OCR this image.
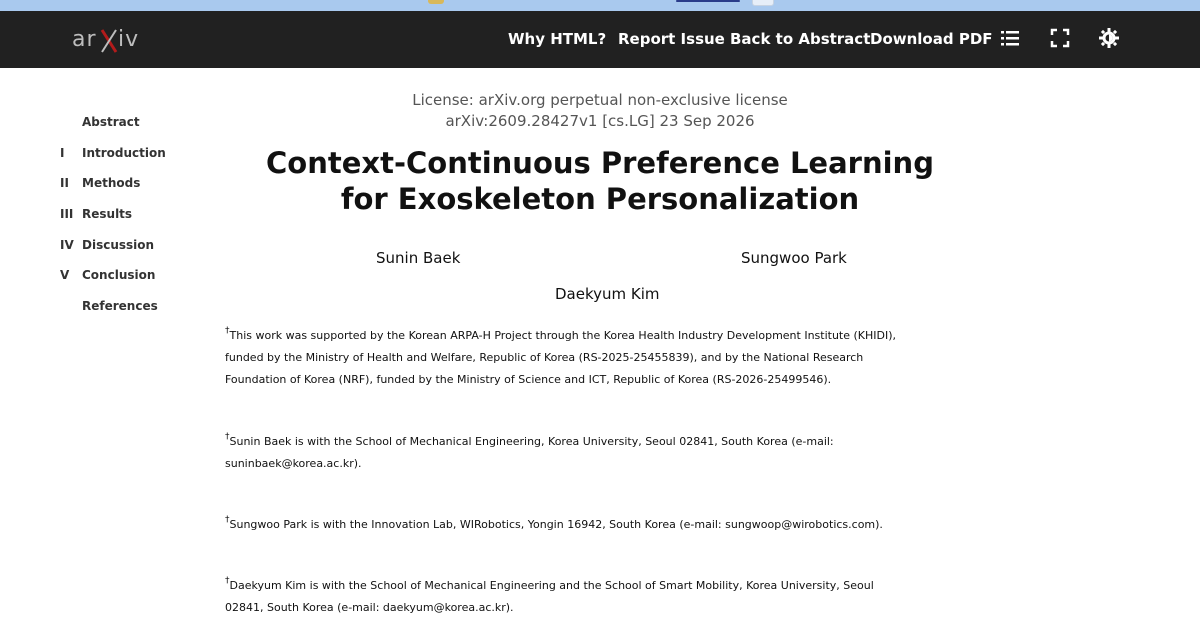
ar iv	Why HTML? Report Issue Back to Abstract Download PDF
Abstract
I Introduction
II Methods
III Results
IV Discussion
V Conclusion
References
License: arXiv.org perpetual non-exclusive license
arXiv:2609.28427v1 [cs.LG] 23 Sep 2026
Context-Continuous Preference Learning
for Exoskeleton Personalization
Sunin Baek	Sungwoo Park
Daekyum Kim
†This work was supported by the Korean ARPA-H Project through the Korea Health Industry Development Institute (KHIDI), funded by the Ministry of Health and Welfare, Republic of Korea (RS-2025-25455839), and by the National Research Foundation of Korea (NRF), funded by the Ministry of Science and ICT, Republic of Korea (RS-2026-25499546).
†Sunin Baek is with the School of Mechanical Engineering, Korea University, Seoul 02841, South Korea (e-mail: suninbaek@korea.ac.kr).
†Sungwoo Park is with the Innovation Lab, WIRobotics, Yongin 16942, South Korea (e-mail: sungwoop@wirobotics.com).
†Daekyum Kim is with the School of Mechanical Engineering and the School of Smart Mobility, Korea University, Seoul 02841, South Korea (e-mail: daekyum@korea.ac.kr).
